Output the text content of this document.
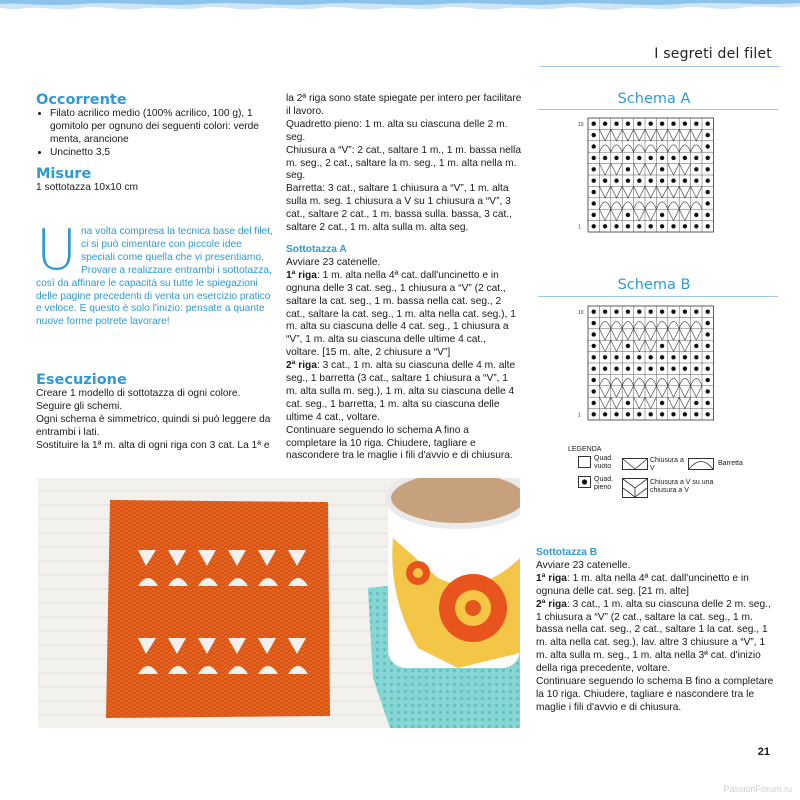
I segreti del filet
Occorrente
• Filato acrilico medio (100% acrilico, 100 g), 1 gomitolo per ognuno dei seguenti colori: verde menta, arancione
• Uncinetto 3,5
Misure

1 sottotazza 10x10 cm

U na volta compresa la tecnica base del filet, ci si può cimentare con piccole idee speciali come quella che vi presentiamo. Provare a realizzare entrambi i sottotazza, così da affinare le capacità su tutte le spiegazioni delle pagine precedenti di venta un esercizio pratico e veloce. E questo è solo l'inizio: pensate a quante nuove forme potrete lavorare!
Esecuzione

Creare 1 modello di sottotazza di ogni colore.

Seguire gli schemi.

Ogni schema è simmetrico, quindi si può leggere da entrambi i lati.

Sostituire la 1ª m. alta di ogni riga con 3 cat. La 1ª e

la 2ª riga sono state spiegate per intero per facilitare il lavoro.

Quadretto pieno: 1 m. alta su ciascuna delle 2 m. seg.

Chiusura a “V”: 2 cat., saltare 1 m., 1 m. bassa nella m. seg., 2 cat., saltare la m. seg., 1 m. alta nella m. seg.

Barretta: 3 cat., saltare 1 chiusura a “V”, 1 m. alta sulla m. seg. 1 chiusura a V su 1 chiusura a “V”, 3 cat., saltare 2 cat., 1 m. bassa sulla. bassa, 3 cat., saltare 2 cat., 1 m. alta sulla m. alta seg.

Sottotazza A

Avviare 23 catenelle.

1ª riga: 1 m. alta nella 4ª cat. dall'uncinetto e in ognuna delle 3 cat. seg., 1 chiusura a “V” (2 cat., saltare la cat. seg., 1 m. bassa nella cat. seg., 2 cat., saltare la cat. seg., 1 m. alta nella cat. seg.), 1 m. alta su ciascuna delle 4 cat. seg., 1 chiusura a “V”, 1 m. alta su ciascuna delle ultime 4 cat., voltare. [15 m. alte, 2 chiusure a “V”]

2ª riga: 3 cat., 1 m. alta su ciascuna delle 4 m. alte seg., 1 barretta (3 cat., saltare 1 chiusura a “V”, 1 m. alta sulla m. seg.), 1 m. alta su ciascuna delle 4 cat. seg., 1 barretta, 1 m. alta su ciascuna delle ultime 4 cat., voltare.

Continuare seguendo lo schema A fino a completare la 10 riga. Chiudere, tagliare e nascondere tra le maglie i fili d'avvio e di chiusura.

Schema A
10
1
Schema B
10
1
LEGENDA
Quad. vuoto
Quad. pieno
Chiusura a V
Barretta
Chiusura a V su una chiusura a V

Sottotazza B

Avviare 23 catenelle.

1ª riga: 1 m. alta nella 4ª cat. dall'uncinetto e in ognuna delle cat. seg. [21 m. alte]

2ª riga: 3 cat., 1 m. alta su ciascuna delle 2 m. seg., 1 chiusura a “V” (2 cat., saltare la cat. seg., 1 m. bassa nella cat. seg., 2 cat., saltare 1 la cat. seg., 1 m. alta nella cat. seg.), lav. altre 3 chiusure a “V”, 1 m. alta sulla m. seg., 1 m. alta nella 3ª cat. d'inizio della riga precedente, voltare.

Continuare seguendo lo schema B fino a completare la 10 riga. Chiudere, tagliare e nascondere tra le maglie i fili d'avvio e di chiusura.

21
PassionForum.ru
